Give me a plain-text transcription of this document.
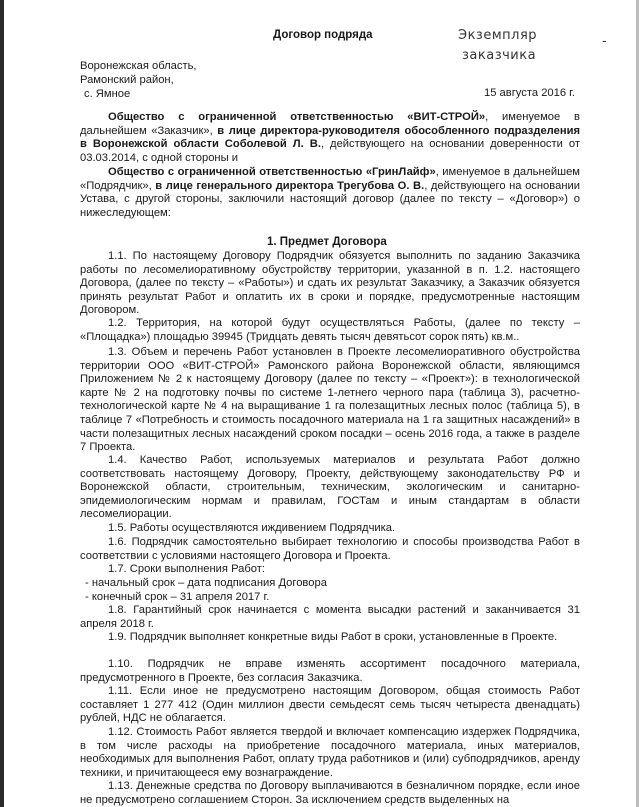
Договор подряда	Экземпляр
заказчика
-
Воронежская область,
Рамонский район,
с. Ямное	15 августа 2016 г.
Общество с ограниченной ответственностью «ВИТ-СТРОЙ», именуемое в дальнейшем «Заказчик», в лице директора-руководителя обособленного подразделения в Воронежской области Соболевой Л. В., действующего на основании доверенности от 03.03.2014, с одной стороны и
Общество с ограниченной ответственностью «ГринЛайф», именуемое в дальнейшем «Подрядчик», в лице генерального директора Трегубова О. В., действующего на основании Устава, с другой стороны, заключили настоящий договор (далее по тексту – «Договор») о нижеследующем:
1. Предмет Договора
1.1. По настоящему Договору Подрядчик обязуется выполнить по заданию Заказчика работы по лесомелиоративному обустройству территории, указанной в п. 1.2. настоящего Договора, (далее по тексту – «Работы») и сдать их результат Заказчику, а Заказчик обязуется принять результат Работ и оплатить их в сроки и порядке, предусмотренные настоящим Договором.
1.2. Территория, на которой будут осуществляться Работы, (далее по тексту – «Площадка») площадью 39945 (Тридцать девять тысяч девятьсот сорок пять) кв.м..
1.3. Объем и перечень Работ установлен в Проекте лесомелиоративного обустройства территории ООО «ВИТ-СТРОЙ» Рамонского района Воронежской области, являющимся Приложением № 2 к настоящему Договору (далее по тексту – «Проект»): в технологической карте № 2 на подготовку почвы по системе 1-летнего черного пара (таблица 3), расчетно-технологической карте № 4 на выращивание 1 га полезащитных лесных полос (таблица 5), в таблице 7 «Потребность и стоимость посадочного материала на 1 га защитных насаждений» в части полезащитных лесных насаждений сроком посадки – осень 2016 года, а также в разделе 7 Проекта.
1.4. Качество Работ, используемых материалов и результата Работ должно соответствовать настоящему Договору, Проекту, действующему законодательству РФ и Воронежской области, строительным, техническим, экологическим и санитарно-эпидемиологическим нормам и правилам, ГОСТам и иным стандартам в области лесомелиорации.
1.5. Работы осуществляются иждивением Подрядчика.
1.6. Подрядчик самостоятельно выбирает технологию и способы производства Работ в соответствии с условиями настоящего Договора и Проекта.
1.7. Сроки выполнения Работ:
- начальный срок – дата подписания Договора
- конечный срок – 31 апреля 2017 г.
1.8. Гарантийный срок начинается с момента высадки растений и заканчивается 31 апреля 2018 г.
1.9. Подрядчик выполняет конкретные виды Работ в сроки, установленные в Проекте.
1.10. Подрядчик не вправе изменять ассортимент посадочного материала, предусмотренного в Проекте, без согласия Заказчика.
1.11. Если иное не предусмотрено настоящим Договором, общая стоимость Работ составляет 1 277 412 (Один миллион двести семьдесят семь тысяч четыреста двенадцать) рублей, НДС не облагается.
1.12. Стоимость Работ является твердой и включает компенсацию издержек Подрядчика, в том числе расходы на приобретение посадочного материала, иных материалов, необходимых для выполнения Работ, оплату труда работников и (или) субподрядчиков, аренду техники, и причитающееся ему вознаграждение.
1.13. Денежные средства по Договору выплачиваются в безналичном порядке, если иное не предусмотрено соглашением Сторон. За исключением средств выделенных на
